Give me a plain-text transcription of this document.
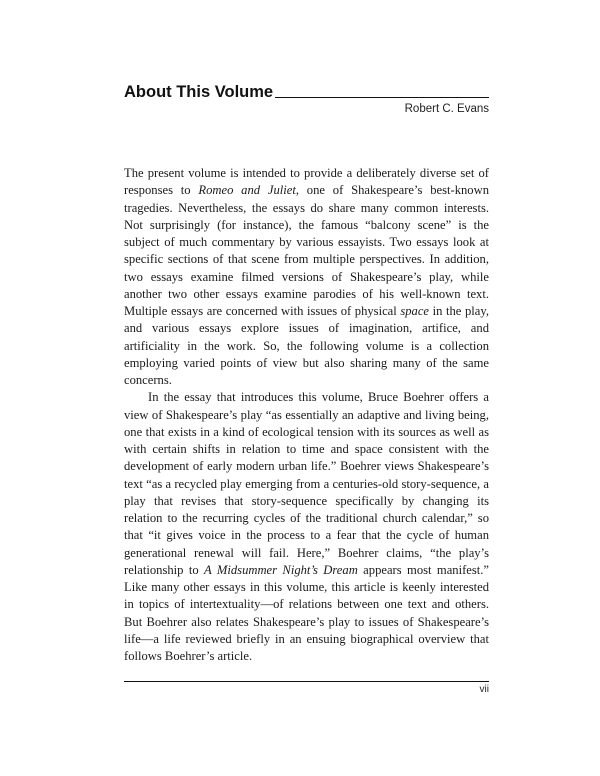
About This Volume
Robert C. Evans

The present volume is intended to provide a deliberately diverse set of responses to Romeo and Juliet, one of Shakespeare’s best-known tragedies. Nevertheless, the essays do share many common interests. Not surprisingly (for instance), the famous “balcony scene” is the subject of much commentary by various essayists. Two essays look at specific sections of that scene from multiple perspectives. In addition, two essays examine filmed versions of Shakespeare’s play, while another two other essays examine parodies of his well-known text. Multiple essays are concerned with issues of physical space in the play, and various essays explore issues of imagination, artifice, and artificiality in the work. So, the following volume is a collection employing varied points of view but also sharing many of the same concerns.

In the essay that introduces this volume, Bruce Boehrer offers a view of Shakespeare’s play “as essentially an adaptive and living being, one that exists in a kind of ecological tension with its sources as well as with certain shifts in relation to time and space consistent with the development of early modern urban life.” Boehrer views Shakespeare’s text “as a recycled play emerging from a centuries-old story-sequence, a play that revises that story-sequence specifically by changing its relation to the recurring cycles of the traditional church calendar,” so that “it gives voice in the process to a fear that the cycle of human generational renewal will fail. Here,” Boehrer claims, “the play’s relationship to A Midsummer Night’s Dream appears most manifest.” Like many other essays in this volume, this article is keenly interested in topics of intertextuality—of relations between one text and others. But Boehrer also relates Shakespeare’s play to issues of Shakespeare’s life—a life reviewed briefly in an ensuing biographical overview that follows Boehrer’s article.

vii
